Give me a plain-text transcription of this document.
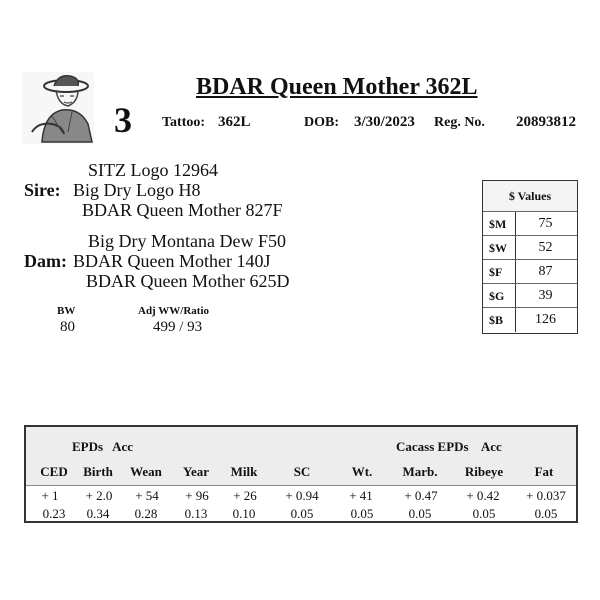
3
BDAR Queen Mother 362L
Tattoo: 362L	DOB: 3/30/2023 Reg. No. 20893812
SITZ Logo 12964
Sire: Big Dry Logo H8
BDAR Queen Mother 827F
Big Dry Montana Dew F50
Dam: BDAR Queen Mother 140J
BDAR Queen Mother 625D
BW
80
Adj WW/Ratio
499 / 93
$ Values
$M	75
$W	52
$F	87
$G	39
$B	126
EPDs   Acc	Cacass EPDs    Acc
CED	Birth	Wean	Year	Milk	SC	Wt.	Marb.	Ribeye	Fat
+ 1	+ 2.0	+ 54	+ 96	+ 26	+ 0.94	+ 41	+ 0.47	+ 0.42	+ 0.037
0.23	0.34	0.28	0.13	0.10	0.05	0.05	0.05	0.05	0.05
